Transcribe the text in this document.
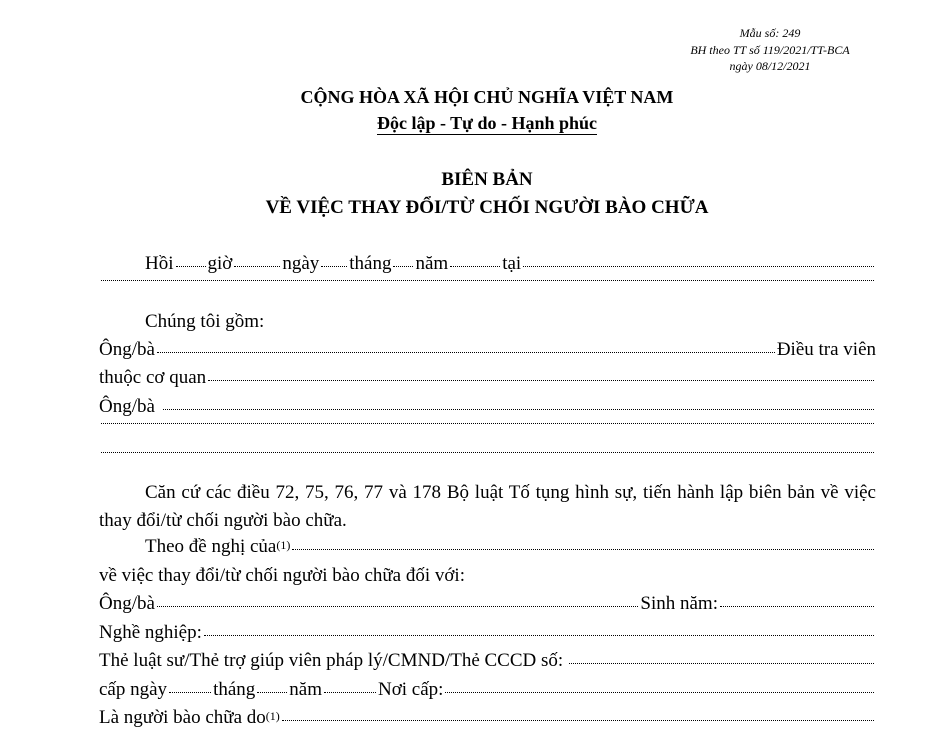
Mẫu số: 249
BH theo TT số 119/2021/TT-BCA
ngày 08/12/2021
CỘNG HÒA XÃ HỘI CHỦ NGHĨA VIỆT NAM
Độc lập - Tự do - Hạnh phúc
BIÊN BẢN
VỀ VIỆC THAY ĐỔI/TỪ CHỐI NGƯỜI BÀO CHỮA
Hồi giờ	ngày tháng năm	tại
Chúng tôi gồm:
Ông/bà	Điều tra viên
thuộc cơ quan
Ông/bà
Căn cứ các điều 72, 75, 76, 77 và 178 Bộ luật Tố tụng hình sự, tiến hành lập biên bản về việc thay đổi/từ chối người bào chữa.
Theo đề nghị của$^{(1)}$
về việc thay đổi/từ chối người bào chữa đối với:
Ông/bà	Sinh năm:
Nghề nghiệp:
Thẻ luật sư/Thẻ trợ giúp viên pháp lý/CMND/Thẻ CCCD số:
cấp ngày tháng năm	Nơi cấp:
Là người bào chữa $do^{(1)}$
